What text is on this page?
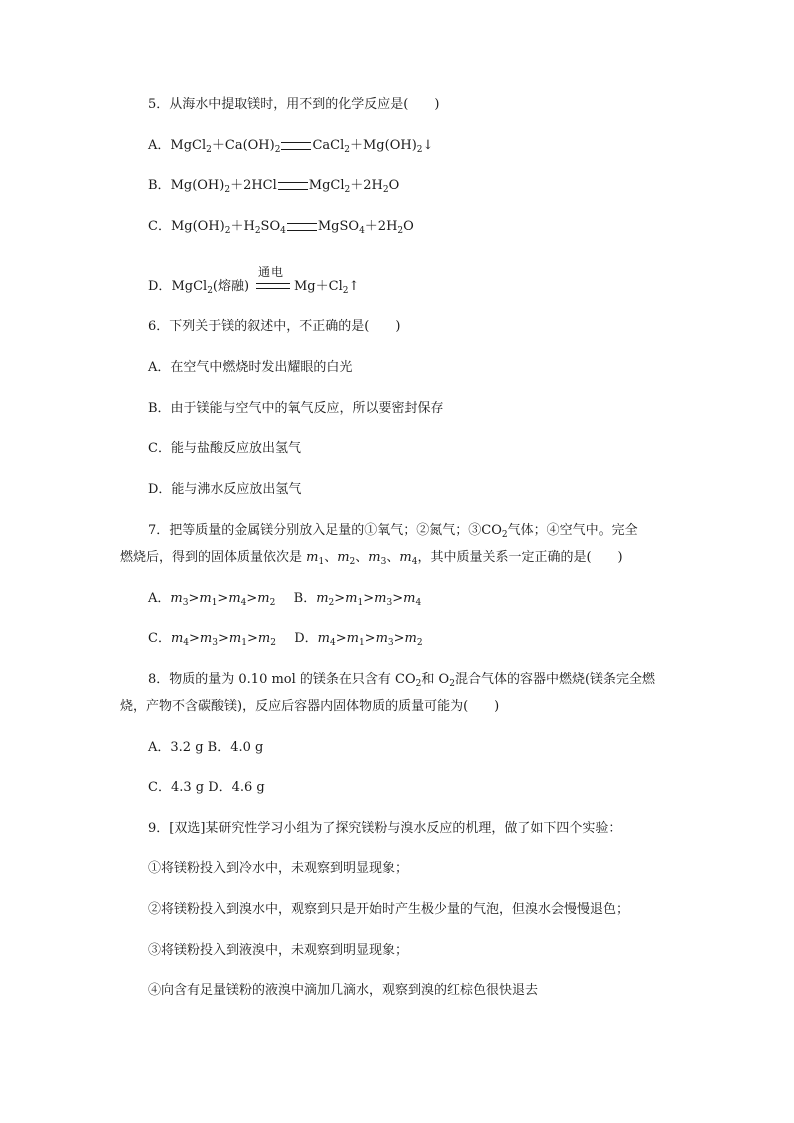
5．从海水中提取镁时，用不到的化学反应是(　　)
A．$MgCl_2+Ca(OH)_2$ $CaCl_2+Mg(OH)_2↓$
B．$Mg(OH)_2+2HCl$ $MgCl_2+2H_2O$
C．$Mg(OH)_2+H_2SO_4$ $MgSO_4+2H_2O$
通电
D．MgCl$_2$(熔融)	$Mg+Cl_2↑$
6．下列关于镁的叙述中，不正确的是(　　)
A．在空气中燃烧时发出耀眼的白光
B．由于镁能与空气中的氧气反应，所以要密封保存
C．能与盐酸反应放出氢气
D．能与沸水反应放出氢气
7．把等质量的金属镁分别放入足量的①氧气；②氮气；$③CO_2$气体；④空气中。完全
燃烧后，得到的固体质量依次是 $m_1$、$m_2$、$m_3$、$m_4$，其中质量关系一定正确的是(　　)
A．$m_3>m_1>m_4>m_2$ B．$m_2>m_1>m_3>m_4$
C．$m_4>m_3>m_1>m_2$ D．$m_4>m_1>m_3>m_2$
8．物质的量为 0.10 mol 的镁条在只含有 $CO_2$和 $O_2$混合气体的容器中燃烧(镁条完全燃
烧，产物不含碳酸镁)，反应后容器内固体物质的质量可能为(　　)
A．3.2 g B．4.0 g
C．4.3 g D．4.6 g
9．[双选]某研究性学习小组为了探究镁粉与溴水反应的机理，做了如下四个实验：
①将镁粉投入到冷水中，未观察到明显现象；
②将镁粉投入到溴水中，观察到只是开始时产生极少量的气泡，但溴水会慢慢退色；
③将镁粉投入到液溴中，未观察到明显现象；
④向含有足量镁粉的液溴中滴加几滴水，观察到溴的红棕色很快退去
